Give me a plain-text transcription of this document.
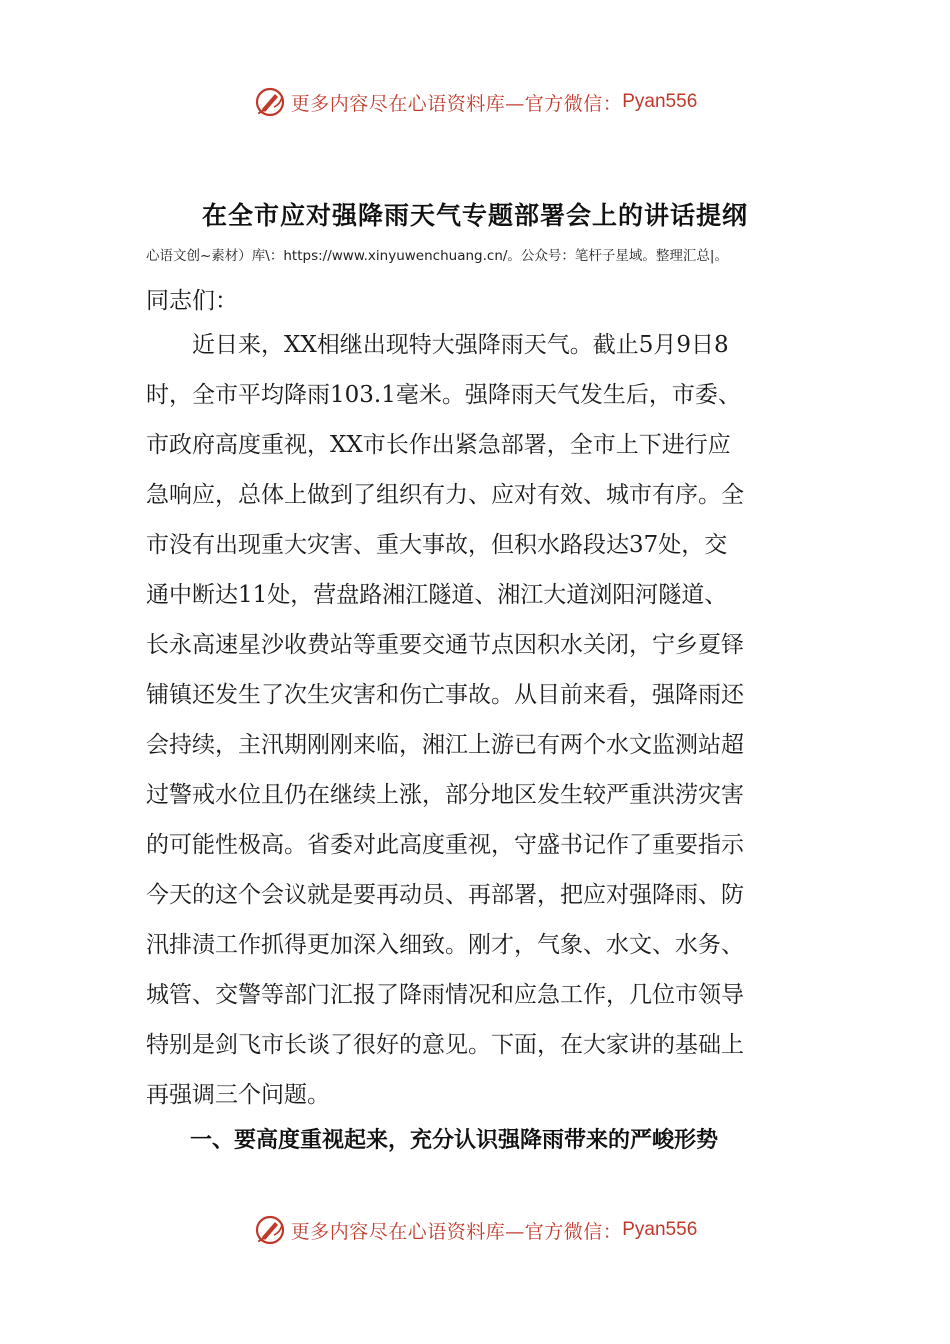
更多内容尽在心语资料库—官方微信： Pyan556
在全市应对强降雨天气专题部署会上的讲话提纲
心语文创~素材）库\：https://www.xinyuwenchuang.cn/。公众号：笔杆子星域。整理汇总|。
同志们：
近日来，XX相继出现特大强降雨天气。截止5月9日8
时，全市平均降雨103.1毫米。强降雨天气发生后，市委、
市政府高度重视，XX市长作出紧急部署，全市上下进行应
急响应，总体上做到了组织有力、应对有效、城市有序。全
市没有出现重大灾害、重大事故，但积水路段达37处，交
通中断达11处，营盘路湘江隧道、湘江大道浏阳河隧道、
长永高速星沙收费站等重要交通节点因积水关闭，宁乡夏铎
铺镇还发生了次生灾害和伤亡事故。从目前来看，强降雨还
会持续，主汛期刚刚来临，湘江上游已有两个水文监测站超
过警戒水位且仍在继续上涨，部分地区发生较严重洪涝灾害
的可能性极高。省委对此高度重视，守盛书记作了重要指示
今天的这个会议就是要再动员、再部署，把应对强降雨、防
汛排渍工作抓得更加深入细致。刚才，气象、水文、水务、
城管、交警等部门汇报了降雨情况和应急工作，几位市领导
特别是剑飞市长谈了很好的意见。下面，在大家讲的基础上
再强调三个问题。
一、要高度重视起来，充分认识强降雨带来的严峻形势
更多内容尽在心语资料库—官方微信： Pyan556
